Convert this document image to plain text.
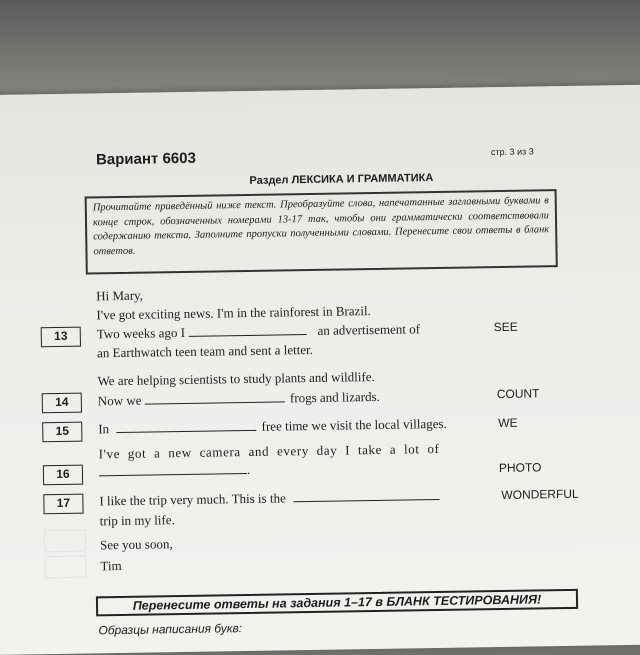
Вариант 6603	стр. 3 из 3
Раздел ЛЕКСИКА И ГРАММАТИКА
Прочитайте приведённый ниже текст. Преобразуйте слова, напечатанные заглавными буквами в конце строк, обозначенных номерами 13-17 так, чтобы они грамматически соответствовали содержанию текста. Заполните пропуски полученными словами. Перенесите свои ответы в бланк ответов.
Hi Mary,
I've got exciting news. I'm in the rainforest in Brazil.
13	Two weeks ago I	an advertisement of	SEE
an Earthwatch teen team and sent a letter.
We are helping scientists to study plants and wildlife.
14	Now we	frogs and lizards.	COUNT
15	In	free time we visit the local villages.	WE
I've got a new camera and every day I take a lot of
16	.	PHOTO
17	I like the trip very much. This is the	WONDERFUL
trip in my life.
See you soon,
Tim
Перенесите ответы на задания 1–17 в БЛАНК ТЕСТИРОВАНИЯ!
Образцы написания букв:
